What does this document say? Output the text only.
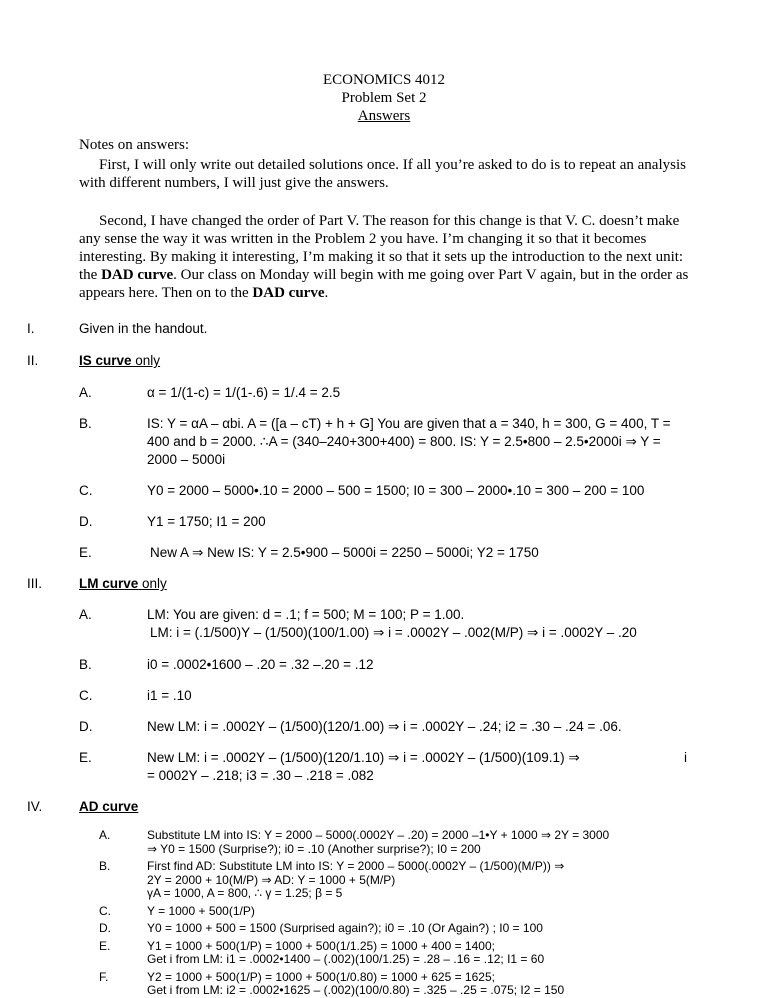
ECONOMICS 4012
Problem Set 2
Answers
Notes on answers:
First, I will only write out detailed solutions once. If all you’re asked to do is to repeat an analysis with different numbers, I will just give the answers.
Second, I have changed the order of Part V. The reason for this change is that V. C. doesn’t make any sense the way it was written in the Problem 2 you have. I’m changing it so that it becomes interesting. By making it interesting, I’m making it so that it sets up the introduction to the next unit: the DAD curve. Our class on Monday will begin with me going over Part V again, but in the order as appears here. Then on to the DAD curve.
I.	Given in the handout.
II.	IS curve only
A.	α = 1/(1-c) = 1/(1-.6) = 1/.4 = 2.5
B.	IS: Y = αA – αbi. A = ([a – cT) + h + G] You are given that a = 340, h = 300, G = 400, T =
400 and b = 2000. ∴A = (340–240+300+400) = 800. IS: Y = 2.5•800 – 2.5•2000i ⇒ Y =
2000 – 5000i
C.	Y0 = 2000 – 5000•.10 = 2000 – 500 = 1500; I0 = 300 – 2000•.10 = 300 – 200 = 100
D.	Y1 = 1750; I1 = 200
E.	New A ⇒ New IS: Y = 2.5•900 – 5000i = 2250 – 5000i; Y2 = 1750
III.	LM curve only
A.	LM: You are given: d = .1; f = 500; M = 100; P = 1.00.
LM: i = (.1/500)Y – (1/500)(100/1.00) ⇒ i = .0002Y – .002(M/P) ⇒ i = .0002Y – .20
B.	i0 = .0002•1600 – .20 = .32 –.20 = .12
C.	i1 = .10
D.	New LM: i = .0002Y – (1/500)(120/1.00) ⇒ i = .0002Y – .24; i2 = .30 – .24 = .06.
E.	New LM: i = .0002Y – (1/500)(120/1.10) ⇒ i = .0002Y – (1/500)(109.1) ⇒	i
= 0002Y – .218; i3 = .30 – .218 = .082
IV.	AD curve
A.	Substitute LM into IS: Y = 2000 – 5000(.0002Y – .20) = 2000 –1•Y + 1000 ⇒ 2Y = 3000
⇒ Y0 = 1500 (Surprise?); i0 = .10 (Another surprise?); I0 = 200
B.	First find AD: Substitute LM into IS: Y = 2000 – 5000(.0002Y – (1/500)(M/P)) ⇒
2Y = 2000 + 10(M/P) ⇒ AD: Y = 1000 + 5(M/P)
γA = 1000, A = 800, ∴ γ = 1.25; β = 5
C.	Y = 1000 + 500(1/P)
D.	Y0 = 1000 + 500 = 1500 (Surprised again?); i0 = .10 (Or Again?) ; I0 = 100
E.	Y1 = 1000 + 500(1/P) = 1000 + 500(1/1.25) = 1000 + 400 = 1400;
Get i from LM: i1 = .0002•1400 – (.002)(100/1.25) = .28 – .16 = .12; I1 = 60
F.	Y2 = 1000 + 500(1/P) = 1000 + 500(1/0.80) = 1000 + 625 = 1625;
Get i from LM: i2 = .0002•1625 – (.002)(100/0.80) = .325 – .25 = .075; I2 = 150
